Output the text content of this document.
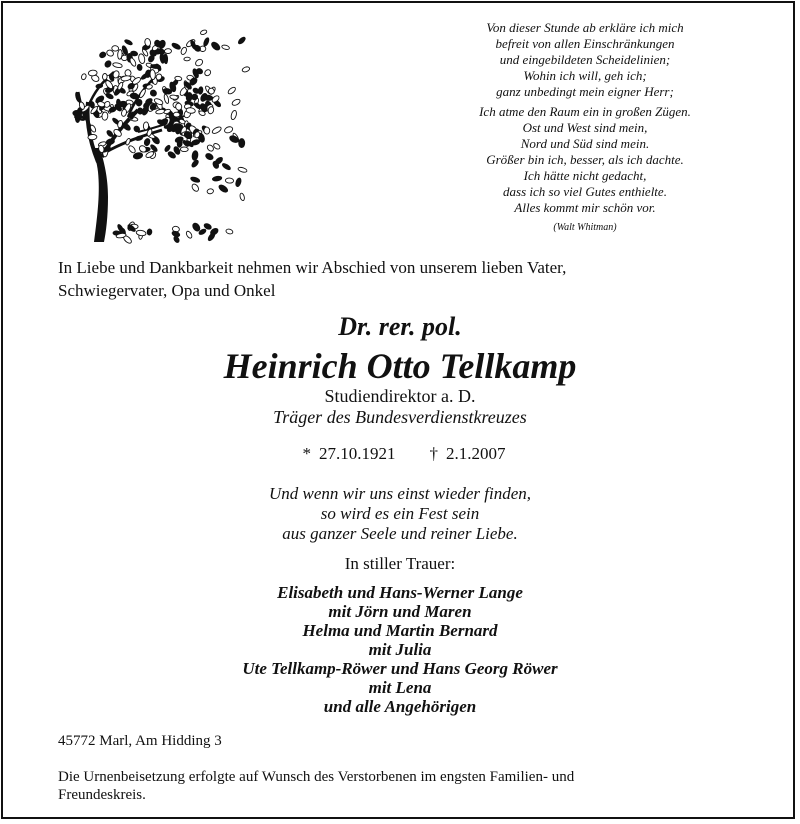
Von dieser Stunde ab erkläre ich mich
befreit von allen Einschränkungen
und eingebildeten Scheidelinien;
Wohin ich will, geh ich;
ganz unbedingt mein eigner Herr;
Ich atme den Raum ein in großen Zügen.
Ost und West sind mein,
Nord und Süd sind mein.
Größer bin ich, besser, als ich dachte.
Ich hätte nicht gedacht,
dass ich so viel Gutes enthielte.
Alles kommt mir schön vor.
(Walt Whitman)
In Liebe und Dankbarkeit nehmen wir Abschied von unserem lieben Vater,
Schwiegervater, Opa und Onkel
Dr. rer. pol.
Heinrich Otto Tellkamp
Studiendirektor a. D.
Träger des Bundesverdienstkreuzes
* 27.10.1921 † 2.1.2007
Und wenn wir uns einst wieder finden,
so wird es ein Fest sein
aus ganzer Seele und reiner Liebe.
In stiller Trauer:
Elisabeth und Hans-Werner Lange
mit Jörn und Maren
Helma und Martin Bernard
mit Julia
Ute Tellkamp-Röwer und Hans Georg Röwer
mit Lena
und alle Angehörigen
45772 Marl, Am Hidding 3
Die Urnenbeisetzung erfolgte auf Wunsch des Verstorbenen im engsten Familien- und
Freundeskreis.
